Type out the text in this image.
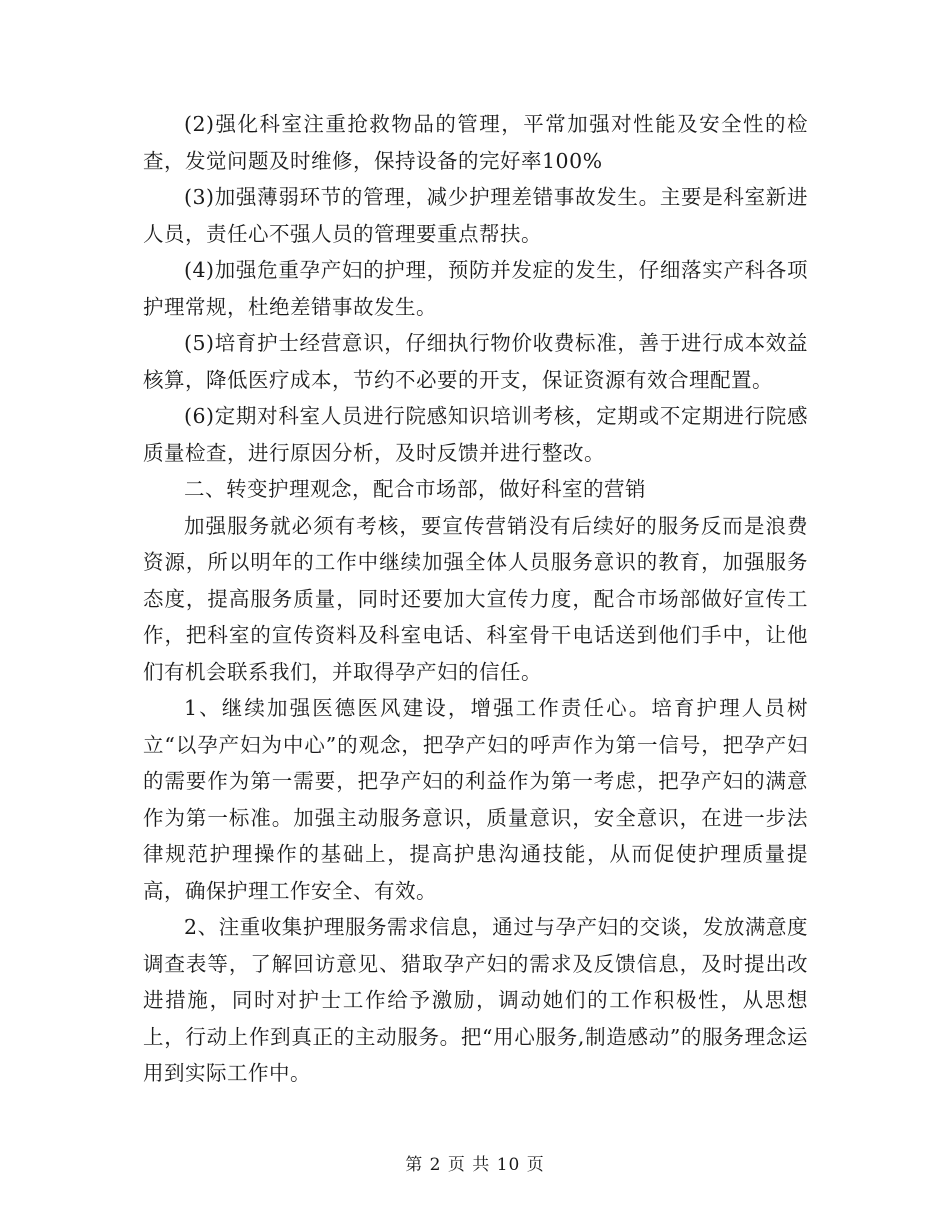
(2)强化科室注重抢救物品的管理，平常加强对性能及安全性的检查，发觉问题及时维修，保持设备的完好率100%

(3)加强薄弱环节的管理，减少护理差错事故发生。主要是科室新进人员，责任心不强人员的管理要重点帮扶。

(4)加强危重孕产妇的护理，预防并发症的发生，仔细落实产科各项护理常规，杜绝差错事故发生。

(5)培育护士经营意识，仔细执行物价收费标准，善于进行成本效益核算，降低医疗成本，节约不必要的开支，保证资源有效合理配置。

(6)定期对科室人员进行院感知识培训考核，定期或不定期进行院感质量检查，进行原因分析，及时反馈并进行整改。

二、转变护理观念，配合市场部，做好科室的营销

加强服务就必须有考核，要宣传营销没有后续好的服务反而是浪费资源，所以明年的工作中继续加强全体人员服务意识的教育，加强服务态度，提高服务质量，同时还要加大宣传力度，配合市场部做好宣传工作，把科室的宣传资料及科室电话、科室骨干电话送到他们手中，让他们有机会联系我们，并取得孕产妇的信任。

1、继续加强医德医风建设，增强工作责任心。培育护理人员树立“以孕产妇为中心”的观念，把孕产妇的呼声作为第一信号，把孕产妇的需要作为第一需要，把孕产妇的利益作为第一考虑，把孕产妇的满意作为第一标准。加强主动服务意识，质量意识，安全意识，在进一步法律规范护理操作的基础上，提高护患沟通技能，从而促使护理质量提高，确保护理工作安全、有效。

2、注重收集护理服务需求信息，通过与孕产妇的交谈，发放满意度调查表等，了解回访意见、猎取孕产妇的需求及反馈信息，及时提出改进措施，同时对护士工作给予激励，调动她们的工作积极性，从思想上，行动上作到真正的主动服务。把“用心服务,制造感动”的服务理念运用到实际工作中。

第 2 页 共 10 页
